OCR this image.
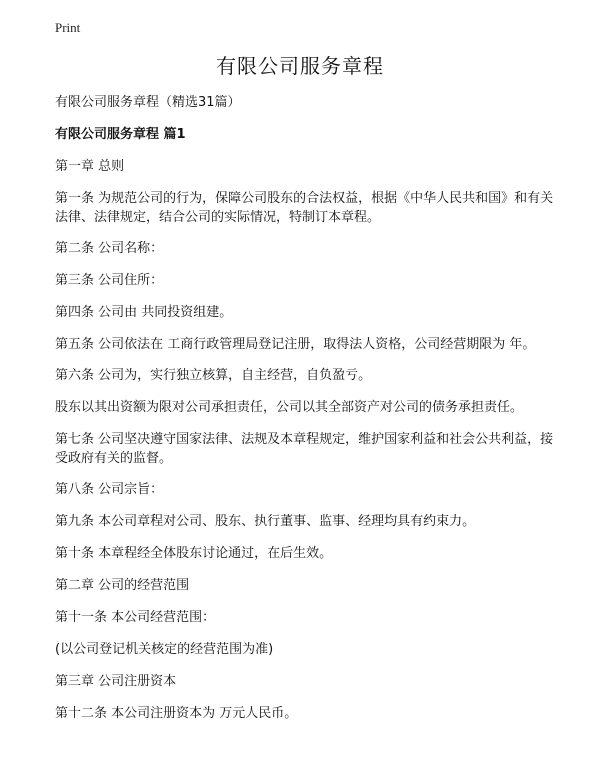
Print
有限公司服务章程

有限公司服务章程（精选31篇）

有限公司服务章程 篇1

第一章 总则

第一条 为规范公司的行为，保障公司股东的合法权益，根据《中华人民共和国》和有关法律、法律规定，结合公司的实际情况，特制订本章程。

第二条 公司名称：

第三条 公司住所：

第四条 公司由 共同投资组建。

第五条 公司依法在 工商行政管理局登记注册，取得法人资格，公司经营期限为 年。

第六条 公司为，实行独立核算，自主经营，自负盈亏。

股东以其出资额为限对公司承担责任，公司以其全部资产对公司的债务承担责任。

第七条 公司坚决遵守国家法律、法规及本章程规定，维护国家利益和社会公共利益，接受政府有关的监督。

第八条 公司宗旨：

第九条 本公司章程对公司、股东、执行董事、监事、经理均具有约束力。

第十条 本章程经全体股东讨论通过，在后生效。

第二章 公司的经营范围

第十一条 本公司经营范围：

(以公司登记机关核定的经营范围为准)

第三章 公司注册资本

第十二条 本公司注册资本为 万元人民币。
